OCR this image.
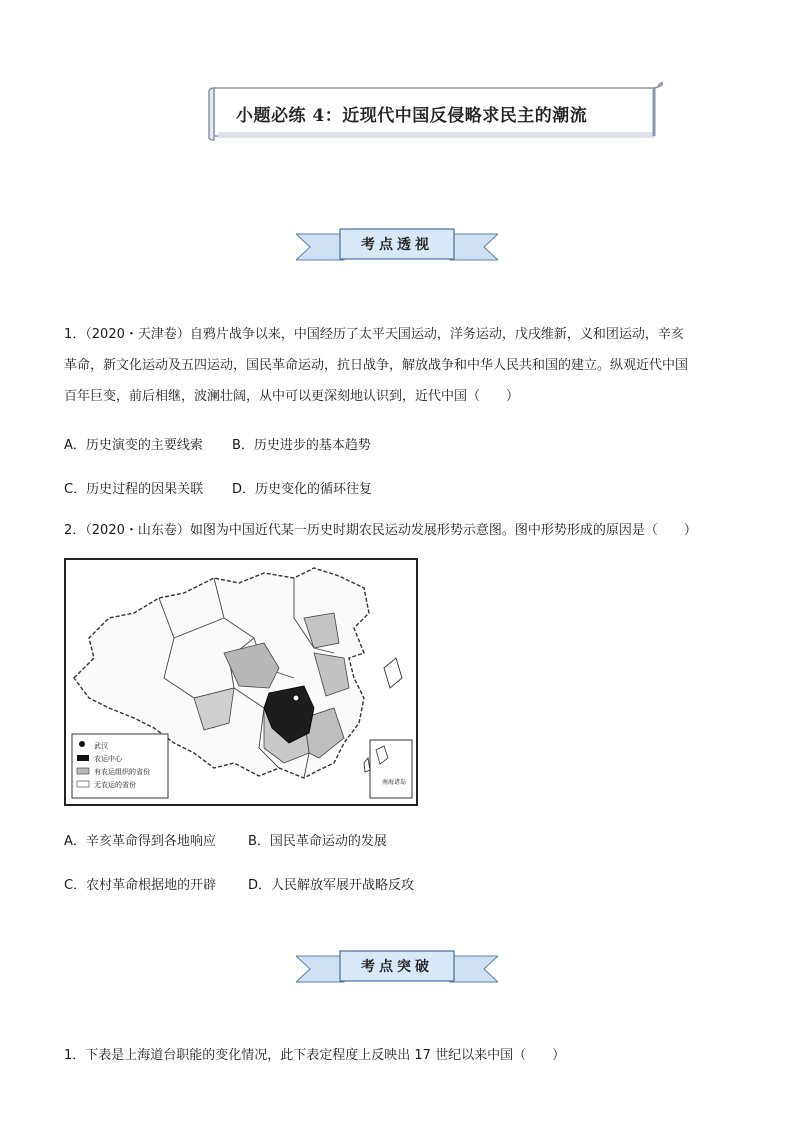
小题必练 4：近现代中国反侵略求民主的潮流
考点透视
1．（2020・天津卷）自鸦片战争以来，中国经历了太平天国运动，洋务运动，戊戌维新，义和团运动，辛亥
革命，新文化运动及五四运动，国民革命运动，抗日战争，解放战争和中华人民共和国的建立。纵观近代中国
百年巨变，前后相继，波澜壮阔，从中可以更深刻地认识到，近代中国（　　）
A．历史演变的主要线索 B．历史进步的基本趋势
C．历史过程的因果关联 D．历史变化的循环往复
2．（2020・山东卷）如图为中国近代某一历史时期农民运动发展形势示意图。图中形势形成的原因是（　　）
武汉
农运中心
有农运组织的省份
无农运的省份	南海诸岛
A．辛亥革命得到各地响应 B．国民革命运动的发展
C．农村革命根据地的开辟 D．人民解放军展开战略反攻
考点突破
1．下表是上海道台职能的变化情况，此下表定程度上反映出 17 世纪以来中国（　　）
